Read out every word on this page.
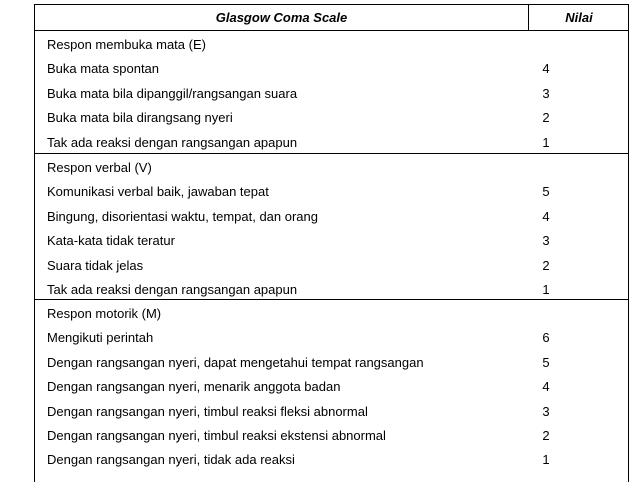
Glasgow Coma Scale	Nilai
Respon membuka mata (E)
Buka mata spontan	4
Buka mata bila dipanggil/rangsangan suara	3
Buka mata bila dirangsang nyeri	2
Tak ada reaksi dengan rangsangan apapun	1
Respon verbal (V)
Komunikasi verbal baik, jawaban tepat	5
Bingung, disorientasi waktu, tempat, dan orang	4
Kata-kata tidak teratur	3
Suara tidak jelas	2
Tak ada reaksi dengan rangsangan apapun	1
Respon motorik (M)
Mengikuti perintah	6
Dengan rangsangan nyeri, dapat mengetahui tempat rangsangan	5
Dengan rangsangan nyeri, menarik anggota badan	4
Dengan rangsangan nyeri, timbul reaksi fleksi abnormal	3
Dengan rangsangan nyeri, timbul reaksi ekstensi abnormal	2
Dengan rangsangan nyeri, tidak ada reaksi	1
